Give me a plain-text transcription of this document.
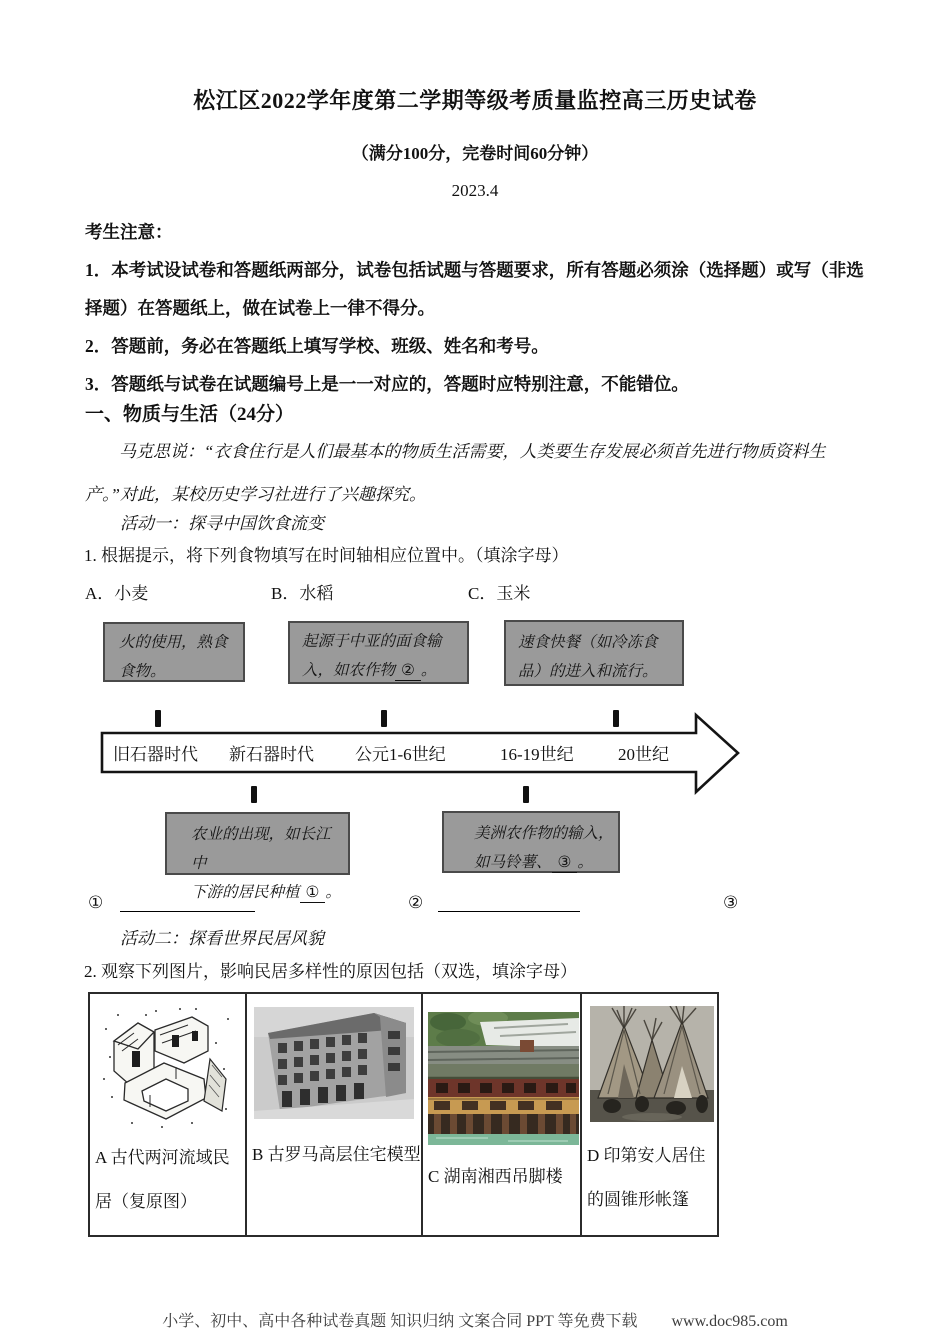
松江区2022学年度第二学期等级考质量监控高三历史试卷
（满分100分，完卷时间60分钟）
2023.4
考生注意：
1．本考试设试卷和答题纸两部分，试卷包括试题与答题要求，所有答题必须涂（选择题）或写（非选择题）在答题纸上，做在试卷上一律不得分。
2．答题前，务必在答题纸上填写学校、班级、姓名和考号。
3．答题纸与试卷在试题编号上是一一对应的，答题时应特别注意，不能错位。
一、物质与生活（24分）
马克思说：“衣食住行是人们最基本的物质生活需要，人类要生存发展必须首先进行物质资料生产。”对此，某校历史学习社进行了兴趣探究。
活动一：探寻中国饮食流变
1. 根据提示，将下列食物填写在时间轴相应位置中。（填涂字母）
A．小麦	B．水稻	C．玉米
火的使用，熟食
食物。
起源于中亚的面食输
入，如农作物 ② 。
速食快餐（如冷冻食
品）的进入和流行。
旧石器时代 新石器时代 公元1-6世纪	16-19世纪	20世纪
农业的出现，如长江中
下游的居民种植 ① 。
美洲农作物的输入，
如马铃薯、 ③ 。
①	②	③
活动二：探看世界民居风貌
2. 观察下列图片，影响民居多样性的原因包括（双选，填涂字母）
A 古代两河流域民居（复原图）
B 古罗马高层住宅模型
C 湖南湘西吊脚楼
D 印第安人居住的圆锥形帐篷
小学、初中、高中各种试卷真题 知识归纳 文案合同 PPT 等免费下载 www.doc985.com
